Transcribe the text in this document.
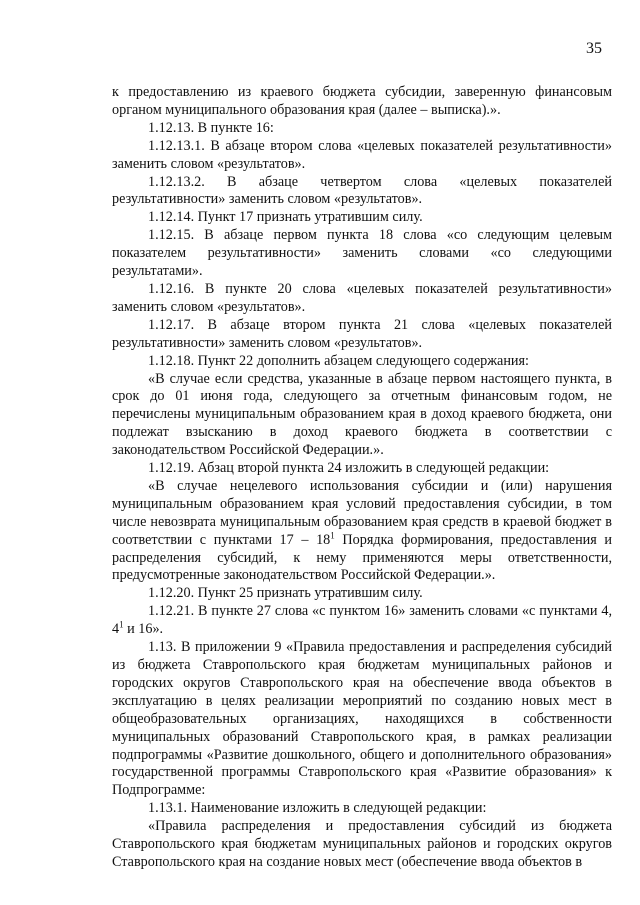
35

к предоставлению из краевого бюджета субсидии, заверенную финансовым органом муниципального образования края (далее – выписка).».

1.12.13. В пункте 16:

1.12.13.1. В абзаце втором слова «целевых показателей результативности» заменить словом «результатов».

1.12.13.2. В абзаце четвертом слова «целевых показателей результативности» заменить словом «результатов».

1.12.14. Пункт 17 признать утратившим силу.

1.12.15. В абзаце первом пункта 18 слова «со следующим целевым показателем результативности» заменить словами «со следующими результатами».

1.12.16. В пункте 20 слова «целевых показателей результативности» заменить словом «результатов».

1.12.17. В абзаце втором пункта 21 слова «целевых показателей результативности» заменить словом «результатов».

1.12.18. Пункт 22 дополнить абзацем следующего содержания:

«В случае если средства, указанные в абзаце первом настоящего пункта, в срок до 01 июня года, следующего за отчетным финансовым годом, не перечислены муниципальным образованием края в доход краевого бюджета, они подлежат взысканию в доход краевого бюджета в соответствии с законодательством Российской Федерации.».

1.12.19. Абзац второй пункта 24 изложить в следующей редакции:

«В случае нецелевого использования субсидии и (или) нарушения муниципальным образованием края условий предоставления субсидии, в том числе невозврата муниципальным образованием края средств в краевой бюджет в соответствии с пунктами $17 - 18^1$ Порядка формирования, предоставления и распределения субсидий, к нему применяются меры ответственности, предусмотренные законодательством Российской Федерации.».

1.12.20. Пункт 25 признать утратившим силу.

1.12.21. В пункте 27 слова «с пунктом 16» заменить словами «с пунктами 4, $4^1$ и 16».

1.13. В приложении 9 «Правила предоставления и распределения субсидий из бюджета Ставропольского края бюджетам муниципальных районов и городских округов Ставропольского края на обеспечение ввода объектов в эксплуатацию в целях реализации мероприятий по созданию новых мест в общеобразовательных организациях, находящихся в собственности муниципальных образований Ставропольского края, в рамках реализации подпрограммы «Развитие дошкольного, общего и дополнительного образования» государственной программы Ставропольского края «Развитие образования» к Подпрограмме:

1.13.1. Наименование изложить в следующей редакции:

«Правила распределения и предоставления субсидий из бюджета Ставропольского края бюджетам муниципальных районов и городских округов Ставропольского края на создание новых мест (обеспечение ввода объектов в
